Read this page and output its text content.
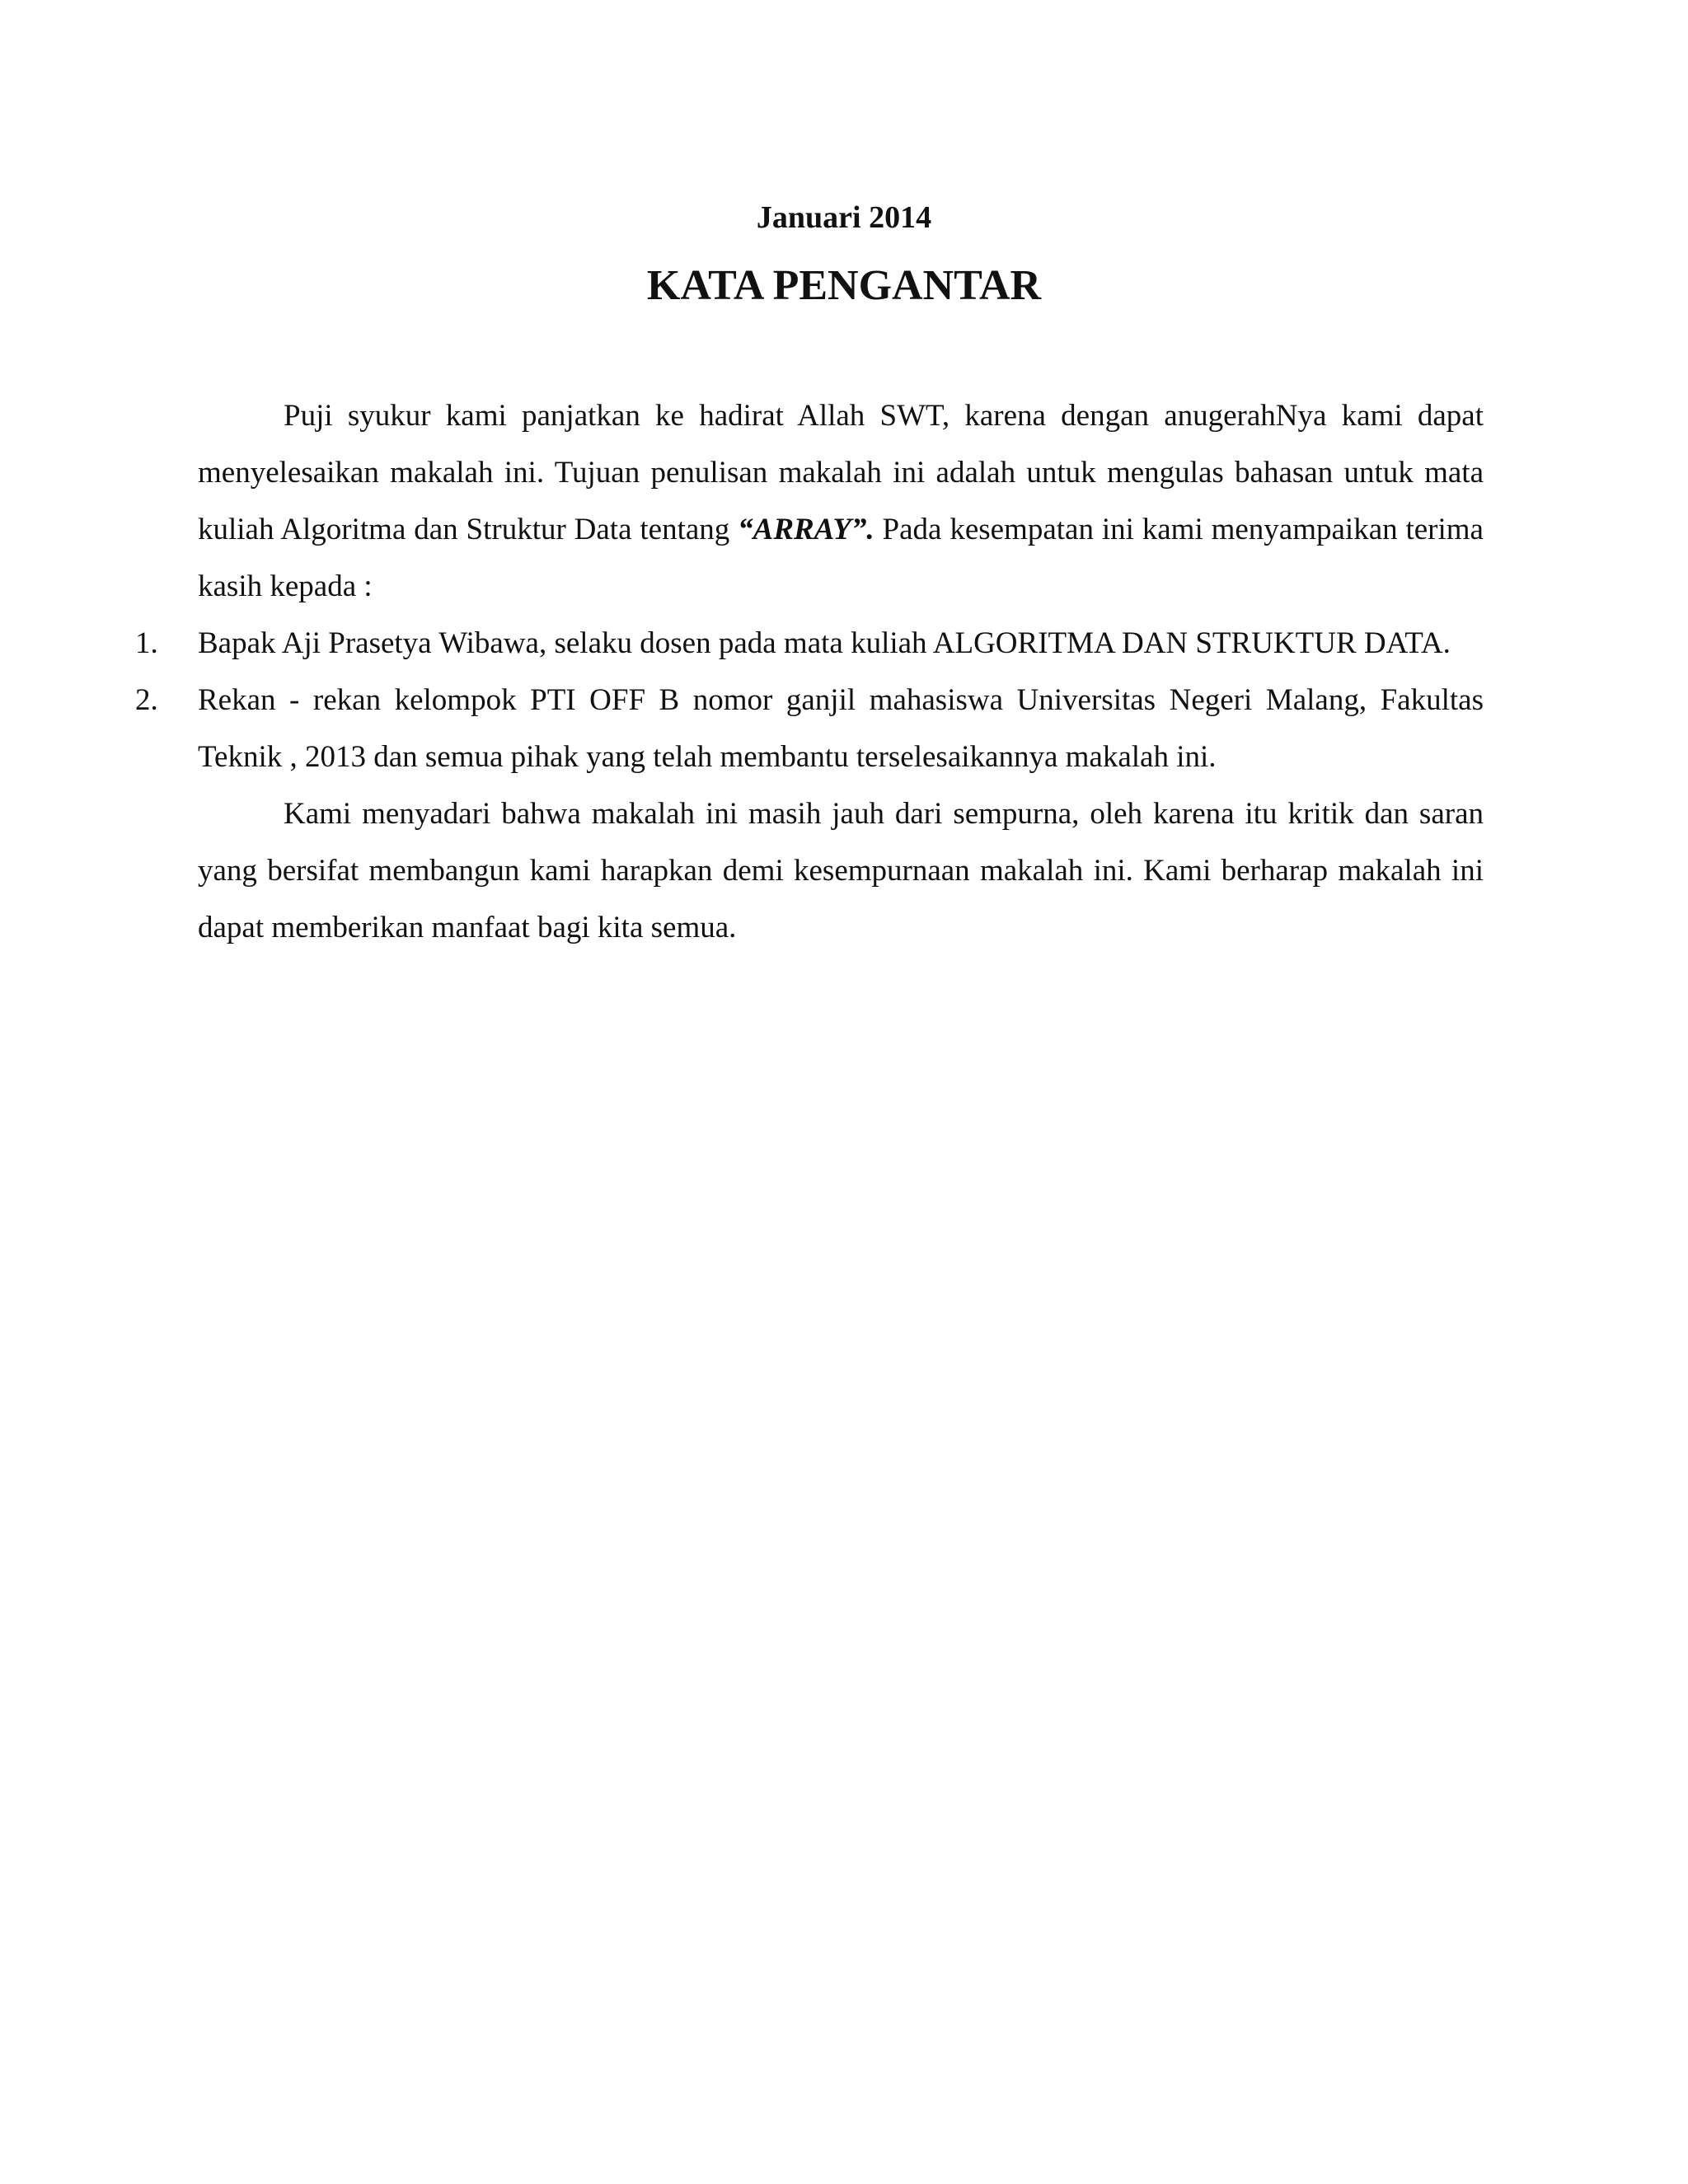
Januari 2014
KATA PENGANTAR

Puji syukur kami panjatkan ke hadirat Allah SWT, karena dengan anugerahNya kami dapat menyelesaikan makalah ini. Tujuan penulisan makalah ini adalah untuk mengulas bahasan untuk mata kuliah Algoritma dan Struktur Data tentang “ARRAY”. Pada kesempatan ini kami menyampaikan terima kasih kepada :

1. Bapak Aji Prasetya Wibawa, selaku dosen pada mata kuliah ALGORITMA DAN STRUKTUR DATA.
2. Rekan - rekan kelompok PTI OFF B nomor ganjil mahasiswa Universitas Negeri Malang, Fakultas Teknik , 2013 dan semua pihak yang telah membantu terselesaikannya makalah ini.

Kami menyadari bahwa makalah ini masih jauh dari sempurna, oleh karena itu kritik dan saran yang bersifat membangun kami harapkan demi kesempurnaan makalah ini. Kami berharap makalah ini dapat memberikan manfaat bagi kita semua.
